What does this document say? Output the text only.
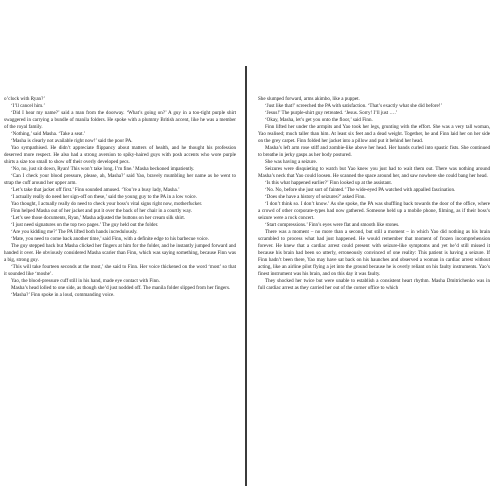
o’clock with Ryan?’

‘I’ll cancel him.’

‘Did I hear my name?’ said a man from the doorway. ‘What’s going on?’ A guy in a too-tight purple shirt swaggered in carrying a bundle of manila folders. He spoke with a plummy British accent, like he was a member of the royal family.

‘Nothing,’ said Masha. ‘Take a seat.’

‘Masha is clearly not available right now!’ said the poor PA.

Yao sympathised. He didn’t appreciate flippancy about matters of health, and he thought his profession deserved more respect. He also had a strong aversion to spiky-haired guys with posh accents who wore purple shirts a size too small to show off their overly developed pecs.

‘No, no, just sit down, Ryan! This won’t take long. I’m fine.’ Masha beckoned impatiently.

‘Can I check your blood pressure, please, ah, Masha?’ said Yao, bravely mumbling her name as he went to strap the cuff around her upper arm.

‘Let’s take that jacket off first.’ Finn sounded amused. ‘You’re a busy lady, Masha.’

‘I actually really do need her sign-off on these,’ said the young guy to the PA in a low voice.

Yao thought, I actually really do need to check your boss’s vital signs right now, motherfucker.

Finn helped Masha out of her jacket and put it over the back of her chair in a courtly way.

‘Let’s see those documents, Ryan,’ Masha adjusted the buttons on her cream silk shirt.

‘I just need signatures on the top two pages.’ The guy held out the folder.

‘Are you kidding me?’ The PA lifted both hands incredulously.

‘Mate, you need to come back another time,’ said Finn, with a definite edge to his barbecue voice.

The guy stepped back but Masha clicked her fingers at him for the folder, and he instantly jumped forward and handed it over. He obviously considered Masha scarier than Finn, which was saying something, because Finn was a big, strong guy.

‘This will take fourteen seconds at the most,’ she said to Finn. Her voice thickened on the word ‘most’ so that it sounded like ‘moshe’.

Yao, the blood-pressure cuff still in his hand, made eye contact with Finn.

Masha’s head lolled to one side, as though she’d just nodded off. The manila folder slipped from her fingers.

‘Masha?’ Finn spoke in a loud, commanding voice.

She slumped forward, arms akimbo, like a puppet.

‘Just like that!’ screeched the PA with satisfaction. ‘That’s exactly what she did before!’

‘Jesus!’ The purple-shirt guy retreated. ‘Jesus. Sorry! I’ll just ….’

‘Okay, Masha, let’s get you onto the floor,’ said Finn.

Finn lifted her under the armpits and Yao took her legs, grunting with the effort. She was a very tall woman, Yao realised; much taller than him. At least six feet and a dead weight. Together, he and Finn laid her on her side on the grey carpet. Finn folded her jacket into a pillow and put it behind her head.

Masha’s left arm rose stiff and zombie-like above her head. Her hands curled into spastic fists. She continued to breathe in jerky gasps as her body postured.

She was having a seizure.

Seizures were disquieting to watch but Yao knew you just had to wait them out. There was nothing around Masha’s neck that Yao could loosen. He scanned the space around her, and saw nowhere she could bang her head.

‘Is this what happened earlier?’ Finn looked up at the assistant.

‘No. No, before she just sort of fainted.’ The wide-eyed PA watched with appalled fascination.

‘Does she have a history of seizures?’ asked Finn.

‘I don’t think so. I don’t know.’ As she spoke, the PA was shuffling back towards the door of the office, where a crowd of other corporate-types had now gathered. Someone held up a mobile phone, filming, as if their boss’s seizure were a rock concert.

‘Start compressions.’ Finn’s eyes were flat and smooth like stones.

There was a moment – no more than a second, but still a moment – in which Yao did nothing as his brain scrambled to process what had just happened. He would remember that moment of frozen incomprehension forever. He knew that a cardiac arrest could present with seizure-like symptoms and yet he’d still missed it because his brain had been so utterly, erroneously convinced of one reality: This patient is having a seizure. If Finn hadn’t been there, Yao may have sat back on his haunches and observed a woman in cardiac arrest without acting, like an airline pilot flying a jet into the ground because he is overly reliant on his faulty instruments. Yao’s finest instrument was his brain, and on this day it was faulty.

They shocked her twice but were unable to establish a consistent heart rhythm. Masha Dmitrichenko was in full cardiac arrest as they carried her out of the corner office to which
